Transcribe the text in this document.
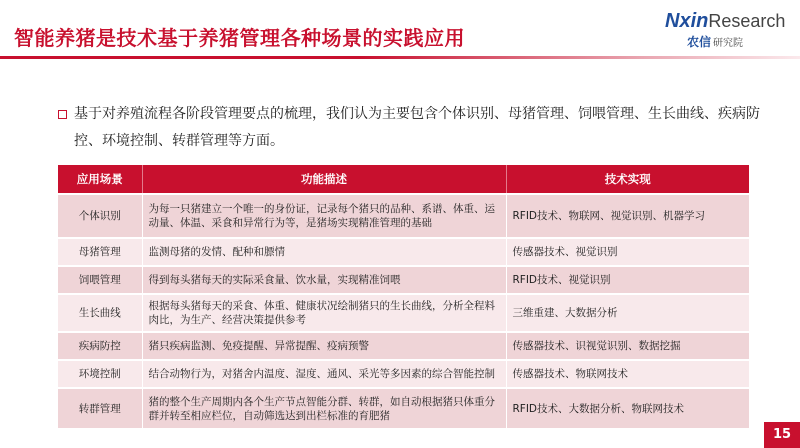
智能养猪是技术基于养猪管理各种场景的实践应用
NxinResearch
农信 研究院
基于对养殖流程各阶段管理要点的梳理，我们认为主要包含个体识别、母猪管理、饲喂管理、生长曲线、疾病防控、环境控制、转群管理等方面。
应用场景	功能描述	技术实现
个体识别	为每一只猪建立一个唯一的身份证，记录每个猪只的品种、系谱、体重、运动量、体温、采食和异常行为等，是猪场实现精准管理的基础	RFID技术、物联网、视觉识别、机器学习
母猪管理	监测母猪的发情、配种和膘情	传感器技术、视觉识别
饲喂管理	得到每头猪每天的实际采食量、饮水量，实现精准饲喂	RFID技术、视觉识别
生长曲线	根据每头猪每天的采食、体重、健康状况绘制猪只的生长曲线，分析全程料肉比，为生产、经营决策提供参考	三维重建、大数据分析
疾病防控	猪只疾病监测、免疫提醒、异常提醒、疫病预警	传感器技术、识视觉识别、数据挖掘
环境控制	结合动物行为，对猪舍内温度、湿度、通风、采光等多因素的综合智能控制	传感器技术、物联网技术
转群管理	猪的整个生产周期内各个生产节点智能分群、转群，如自动根据猪只体重分群并转至相应栏位，自动筛选达到出栏标准的育肥猪	RFID技术、大数据分析、物联网技术
15
